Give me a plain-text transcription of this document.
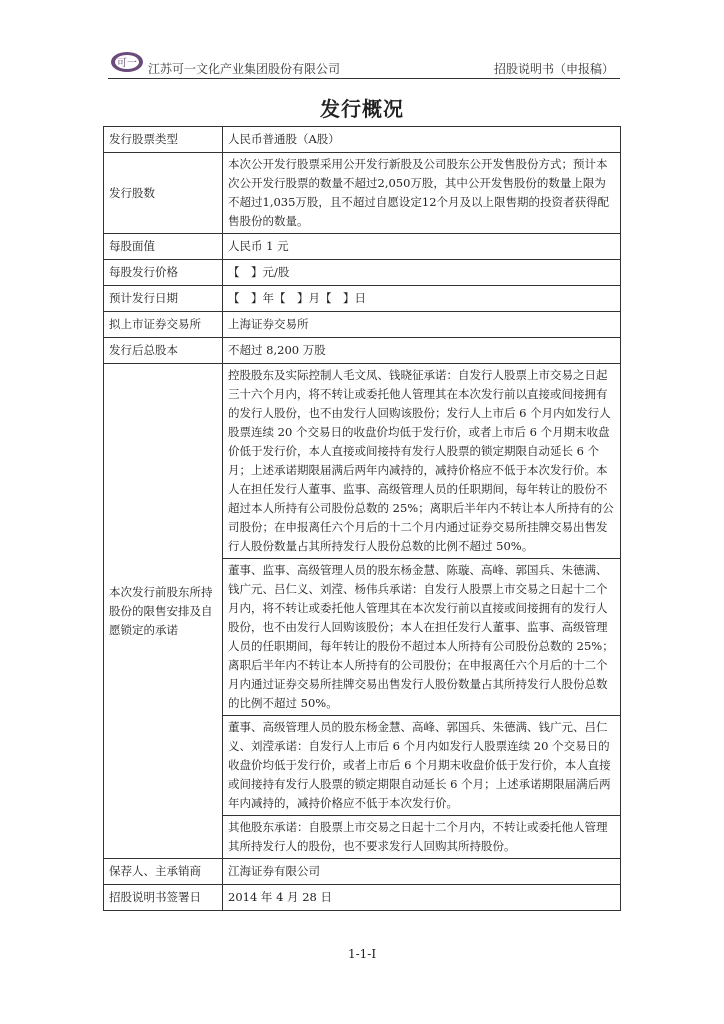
可一 江苏可一文化产业集团股份有限公司	招股说明书（申报稿）
发行概况
发行股票类型	人民币普通股（A股）
发行股数	本次公开发行股票采用公开发行新股及公司股东公开发售股份方式；预计本次公开发行股票的数量不超过2,050万股，其中公开发售股份的数量上限为不超过1,035万股，且不超过自愿设定12个月及以上限售期的投资者获得配售股份的数量。
每股面值	人民币 1 元
每股发行价格	【　】元/股
预计发行日期	【　】年【　】月【　】日
拟上市证券交易所	上海证券交易所
发行后总股本	不超过 8,200 万股
本次发行前股东所持股份的限售安排及自愿锁定的承诺	控股股东及实际控制人毛文凤、钱晓征承诺：自发行人股票上市交易之日起三十六个月内，将不转让或委托他人管理其在本次发行前以直接或间接拥有的发行人股份，也不由发行人回购该股份；发行人上市后 6 个月内如发行人股票连续 20 个交易日的收盘价均低于发行价，或者上市后 6 个月期末收盘价低于发行价，本人直接或间接持有发行人股票的锁定期限自动延长 6 个月；上述承诺期限届满后两年内减持的，减持价格应不低于本次发行价。本人在担任发行人董事、监事、高级管理人员的任职期间，每年转让的股份不超过本人所持有公司股份总数的 25%；离职后半年内不转让本人所持有的公司股份；在申报离任六个月后的十二个月内通过证券交易所挂牌交易出售发行人股份数量占其所持发行人股份总数的比例不超过 50%。
	董事、监事、高级管理人员的股东杨金慧、陈璇、高峰、郭国兵、朱德满、钱广元、吕仁义、刘滢、杨伟兵承诺：自发行人股票上市交易之日起十二个月内，将不转让或委托他人管理其在本次发行前以直接或间接拥有的发行人股份，也不由发行人回购该股份；本人在担任发行人董事、监事、高级管理人员的任职期间，每年转让的股份不超过本人所持有公司股份总数的 25%；离职后半年内不转让本人所持有的公司股份；在申报离任六个月后的十二个月内通过证券交易所挂牌交易出售发行人股份数量占其所持发行人股份总数的比例不超过 50%。
	董事、高级管理人员的股东杨金慧、高峰、郭国兵、朱德满、钱广元、吕仁义、刘滢承诺：自发行人上市后 6 个月内如发行人股票连续 20 个交易日的收盘价均低于发行价，或者上市后 6 个月期末收盘价低于发行价，本人直接或间接持有发行人股票的锁定期限自动延长 6 个月；上述承诺期限届满后两年内减持的，减持价格应不低于本次发行价。
	其他股东承诺：自股票上市交易之日起十二个月内，不转让或委托他人管理其所持发行人的股份，也不要求发行人回购其所持股份。
保荐人、主承销商	江海证券有限公司
招股说明书签署日	2014 年 4 月 28 日
1-1-I
